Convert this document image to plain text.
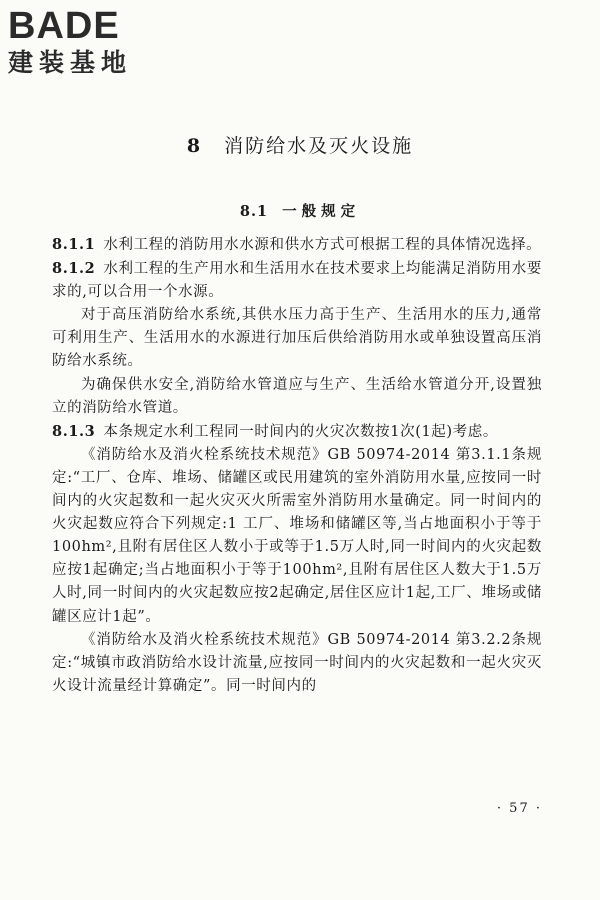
BADE
建装基地
8 消防给水及灭火设施
8.1 一般规定

8.1.1 水利工程的消防用水水源和供水方式可根据工程的具体情况选择。

8.1.2 水利工程的生产用水和生活用水在技术要求上均能满足消防用水要求的,可以合用一个水源。

对于高压消防给水系统,其供水压力高于生产、生活用水的压力,通常可利用生产、生活用水的水源进行加压后供给消防用水或单独设置高压消防给水系统。

为确保供水安全,消防给水管道应与生产、生活给水管道分开,设置独立的消防给水管道。

8.1.3 本条规定水利工程同一时间内的火灾次数按1次(1起)考虑。

《消防给水及消火栓系统技术规范》GB 50974-2014 第3.1.1条规定:“工厂、仓库、堆场、储罐区或民用建筑的室外消防用水量,应按同一时间内的火灾起数和一起火灾灭火所需室外消防用水量确定。同一时间内的火灾起数应符合下列规定:1 工厂、堆场和储罐区等,当占地面积小于等于100hm²,且附有居住区人数小于或等于1.5万人时,同一时间内的火灾起数应按1起确定;当占地面积小于等于100hm²,且附有居住区人数大于1.5万人时,同一时间内的火灾起数应按2起确定,居住区应计1起,工厂、堆场或储罐区应计1起”。

《消防给水及消火栓系统技术规范》GB 50974-2014 第3.2.2条规定:“城镇市政消防给水设计流量,应按同一时间内的火灾起数和一起火灾灭火设计流量经计算确定”。同一时间内的

· 57 ·
